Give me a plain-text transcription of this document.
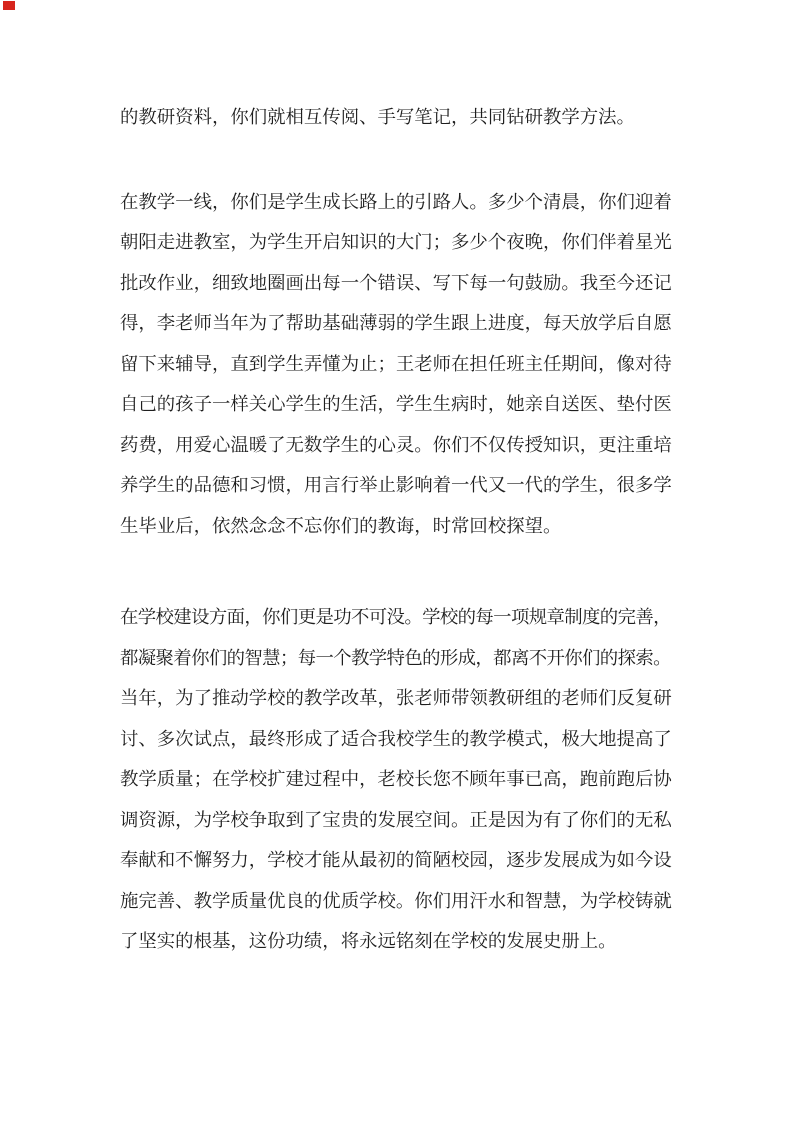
的教研资料，你们就相互传阅、手写笔记，共同钻研教学方法。
在教学一线，你们是学生成长路上的引路人。多少个清晨，你们迎着
朝阳走进教室，为学生开启知识的大门；多少个夜晚，你们伴着星光
批改作业，细致地圈画出每一个错误、写下每一句鼓励。我至今还记
得，李老师当年为了帮助基础薄弱的学生跟上进度，每天放学后自愿
留下来辅导，直到学生弄懂为止；王老师在担任班主任期间，像对待
自己的孩子一样关心学生的生活，学生生病时，她亲自送医、垫付医
药费，用爱心温暖了无数学生的心灵。你们不仅传授知识，更注重培
养学生的品德和习惯，用言行举止影响着一代又一代的学生，很多学
生毕业后，依然念念不忘你们的教诲，时常回校探望。
在学校建设方面，你们更是功不可没。学校的每一项规章制度的完善，
都凝聚着你们的智慧；每一个教学特色的形成，都离不开你们的探索。
当年，为了推动学校的教学改革，张老师带领教研组的老师们反复研
讨、多次试点，最终形成了适合我校学生的教学模式，极大地提高了
教学质量；在学校扩建过程中，老校长您不顾年事已高，跑前跑后协
调资源，为学校争取到了宝贵的发展空间。正是因为有了你们的无私
奉献和不懈努力，学校才能从最初的简陋校园，逐步发展成为如今设
施完善、教学质量优良的优质学校。你们用汗水和智慧，为学校铸就
了坚实的根基，这份功绩，将永远铭刻在学校的发展史册上。
